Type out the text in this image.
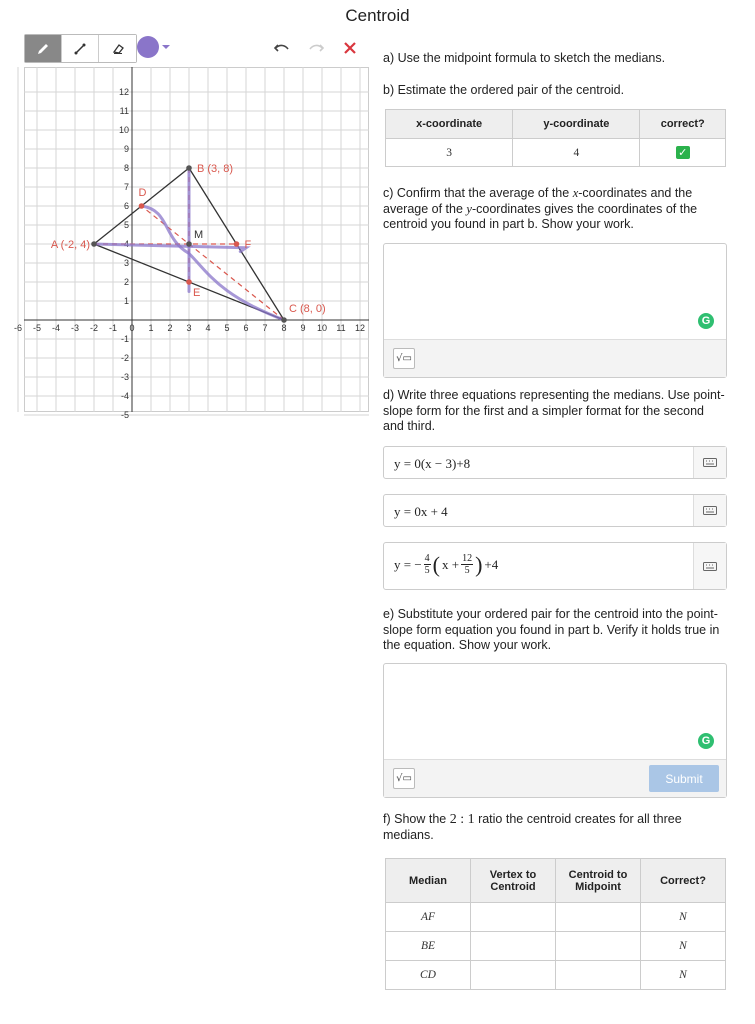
Centroid
-6 -5 -4 -3 -2 -1 0 1 2 3 4 5 6 7 8 9 10 11 12
12
11
10
9
8
7
6
5
4
3
2
1
-1
-2
-3
-4
-5
A (-2, 4)
B (3, 8)
C (8, 0)
D
E
F
M
a) Use the midpoint formula to sketch the medians.
b) Estimate the ordered pair of the centroid.
x-coordinate	y-coordinate	correct?
3	4	✓
c) Confirm that the average of the x-coordinates and the average of the y-coordinates gives the coordinates of the centroid you found in part b. Show your work.
G
√▭
d) Write three equations representing the medians. Use point-slope form for the first and a simpler format for the second and third.
y = 0(x − 3)+8
y = 0x + 4
y = − $\frac{4}{5}$ ( $x + \frac{12}{5}$ ) +4
e) Substitute your ordered pair for the centroid into the point-slope form equation you found in part b. Verify it holds true in the equation. Show your work.
G
√▭	Submit
f) Show the 2 : 1 ratio the centroid creates for all three medians.
Median	Vertex to Centroid	Centroid to Midpoint	Correct?
AF			N
BE			N
CD			N
